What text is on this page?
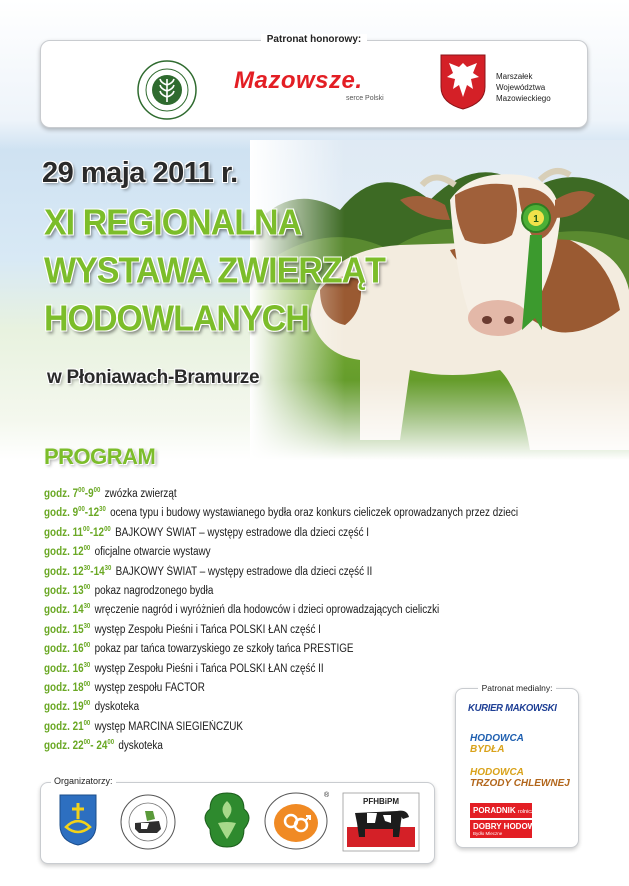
Patronat honorowy:
Mazowsze.
serce Polski
Marszałek
Województwa
Mazowieckiego
29 maja 2011 r.
XI REGIONALNA
WYSTAWA ZWIERZĄT
HODOWLANYCH
w Płoniawach-Bramurze
PROGRAM
godz. $7^{00}-9^{00}$ zwózka zwierząt
godz. $9^{00}-12^{30}$ ocena typu i budowy wystawianego bydła oraz konkurs cieliczek oprowadzanych przez dzieci
godz. $11^{00}-12^{00}$ BAJKOWY ŚWIAT – występy estradowe dla dzieci część I
godz. $12^{00}$ oficjalne otwarcie wystawy
godz. $12^{30}-14^{30}$ BAJKOWY ŚWIAT – występy estradowe dla dzieci część II
godz. $13^{00}$ pokaz nagrodzonego bydła
godz. $14^{30}$ wręczenie nagród i wyróżnień dla hodowców i dzieci oprowadzających cieliczki
godz. $15^{30}$ występ Zespołu Pieśni i Tańca POLSKI ŁAN część I
godz. $16^{00}$ pokaz par tańca towarzyskiego ze szkoły tańca PRESTIGE
godz. $16^{30}$ występ Zespołu Pieśni i Tańca POLSKI ŁAN część II
godz. $18^{00}$ występ zespołu FACTOR
godz. $19^{00}$ dyskoteka
godz. $21^{00}$ występ MARCINA SIEGIEŃCZUK
godz. $22^{00}-$ $24^{00}$ dyskoteka
Patronat medialny:
KURIER MAKOWSKI
HODOWCA
BYDŁA
HODOWCA
TRZODY CHLEWNEJ
PORADNIK rolniczy
DOBRY HODOWCA
Bydło Mleczne
Organizatorzy:
®
PFHBiPM
